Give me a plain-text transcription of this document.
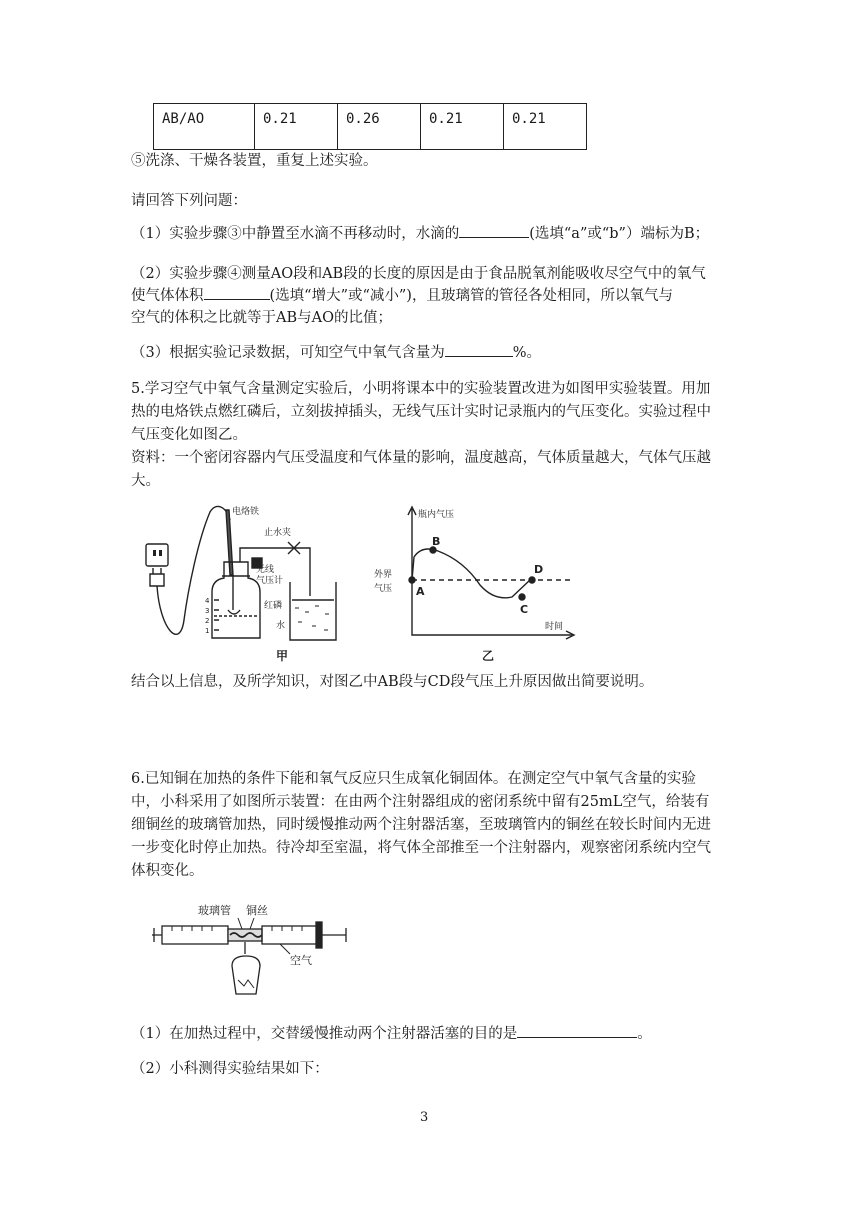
AB/AO	0.21	0.26	0.21	0.21

⑤洗涤、干燥各装置，重复上述实验。

请回答下列问题：

（1）实验步骤③中静置至水滴不再移动时，水滴的	(选填“a”或“b”）端标为B；

（2）实验步骤④测量AO段和AB段的长度的原因是由于食品脱氧剂能吸收尽空气中的氧气

使气体体积	(选填“增大”或“减小”)，且玻璃管的管径各处相同，所以氧气与

空气的体积之比就等于AB与AO的比值；

（3）根据实验记录数据，可知空气中氧气含量为	%。

5.学习空气中氧气含量测定实验后，小明将课本中的实验装置改进为如图甲实验装置。用加

热的电烙铁点燃红磷后，立刻拔掉插头，无线气压计实时记录瓶内的气压变化。实验过程中

气压变化如图乙。

资料：一个密闭容器内气压受温度和气体量的影响，温度越高，气体质量越大，气体气压越

大。

电烙铁
止水夹
无线
气压计
红磷
水
4
3
2
1
甲
瓶内气压
时间
外界
气压 A
B
C
D
乙

结合以上信息，及所学知识，对图乙中AB段与CD段气压上升原因做出简要说明。

6.已知铜在加热的条件下能和氧气反应只生成氧化铜固体。在测定空气中氧气含量的实验

中，小科采用了如图所示装置：在由两个注射器组成的密闭系统中留有25mL空气，给装有

细铜丝的玻璃管加热，同时缓慢推动两个注射器活塞，至玻璃管内的铜丝在较长时间内无进

一步变化时停止加热。待冷却至室温，将气体全部推至一个注射器内，观察密闭系统内空气

体积变化。

玻璃管 铜丝
空气

（1）在加热过程中，交替缓慢推动两个注射器活塞的目的是	。

（2）小科测得实验结果如下：

3
